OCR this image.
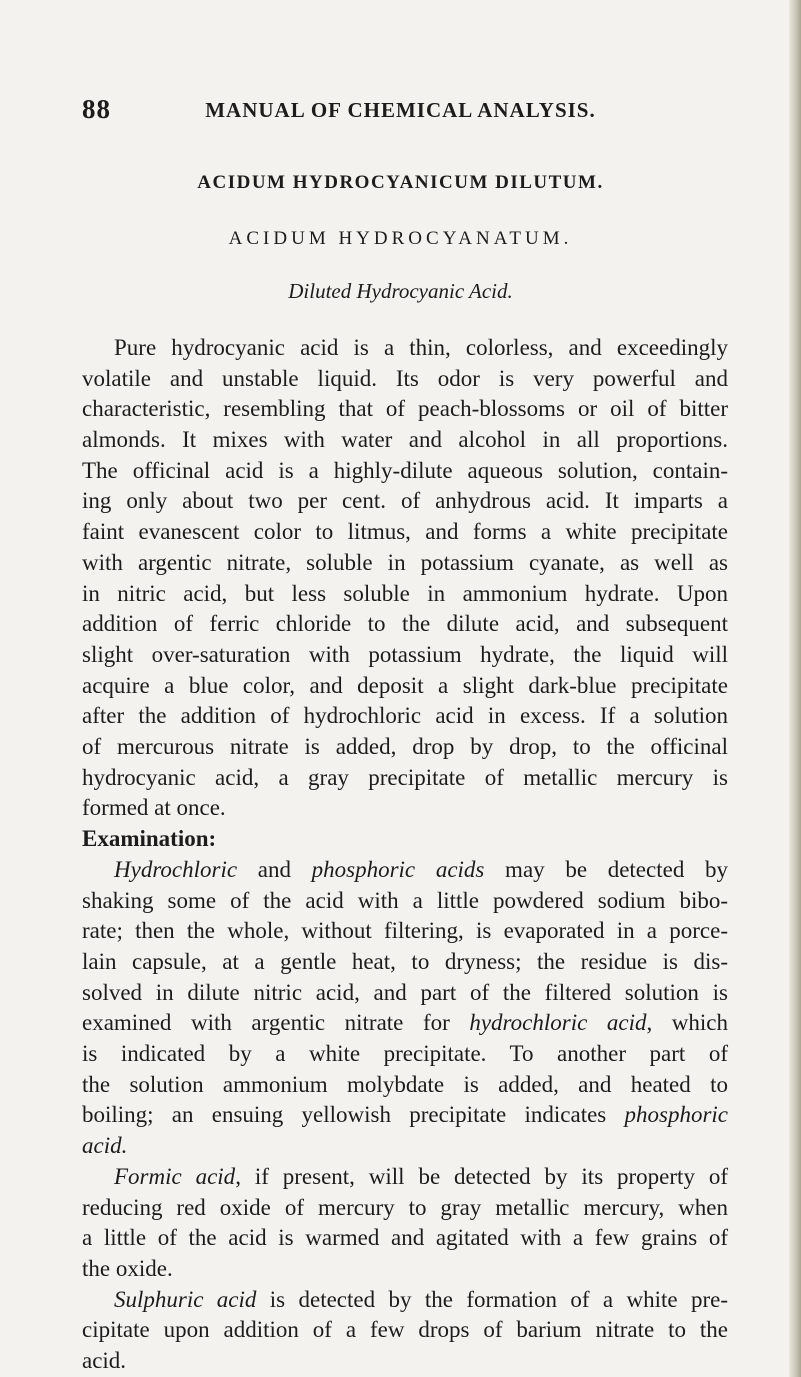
88	MANUAL OF CHEMICAL ANALYSIS.
ACIDUM HYDROCYANICUM DILUTUM.
ACIDUM HYDROCYANATUM.
Diluted Hydrocyanic Acid.
Pure hydrocyanic acid is a thin, colorless, and exceedingly
volatile and unstable liquid. Its odor is very powerful and
characteristic, resembling that of peach-blossoms or oil of bitter
almonds. It mixes with water and alcohol in all proportions.
The officinal acid is a highly-dilute aqueous solution, contain-
ing only about two per cent. of anhydrous acid. It imparts a
faint evanescent color to litmus, and forms a white precipitate
with argentic nitrate, soluble in potassium cyanate, as well as
in nitric acid, but less soluble in ammonium hydrate. Upon
addition of ferric chloride to the dilute acid, and subsequent
slight over-saturation with potassium hydrate, the liquid will
acquire a blue color, and deposit a slight dark-blue precipitate
after the addition of hydrochloric acid in excess. If a solution
of mercurous nitrate is added, drop by drop, to the officinal
hydrocyanic acid, a gray precipitate of metallic mercury is
formed at once.
Examination:
Hydrochloric and phosphoric acids may be detected by
shaking some of the acid with a little powdered sodium bibo-
rate; then the whole, without filtering, is evaporated in a porce-
lain capsule, at a gentle heat, to dryness; the residue is dis-
solved in dilute nitric acid, and part of the filtered solution is
examined with argentic nitrate for hydrochloric acid, which
is indicated by a white precipitate. To another part of
the solution ammonium molybdate is added, and heated to
boiling; an ensuing yellowish precipitate indicates phosphoric
acid.
Formic acid, if present, will be detected by its property of
reducing red oxide of mercury to gray metallic mercury, when
a little of the acid is warmed and agitated with a few grains of
the oxide.
Sulphuric acid is detected by the formation of a white pre-
cipitate upon addition of a few drops of barium nitrate to the
acid.
